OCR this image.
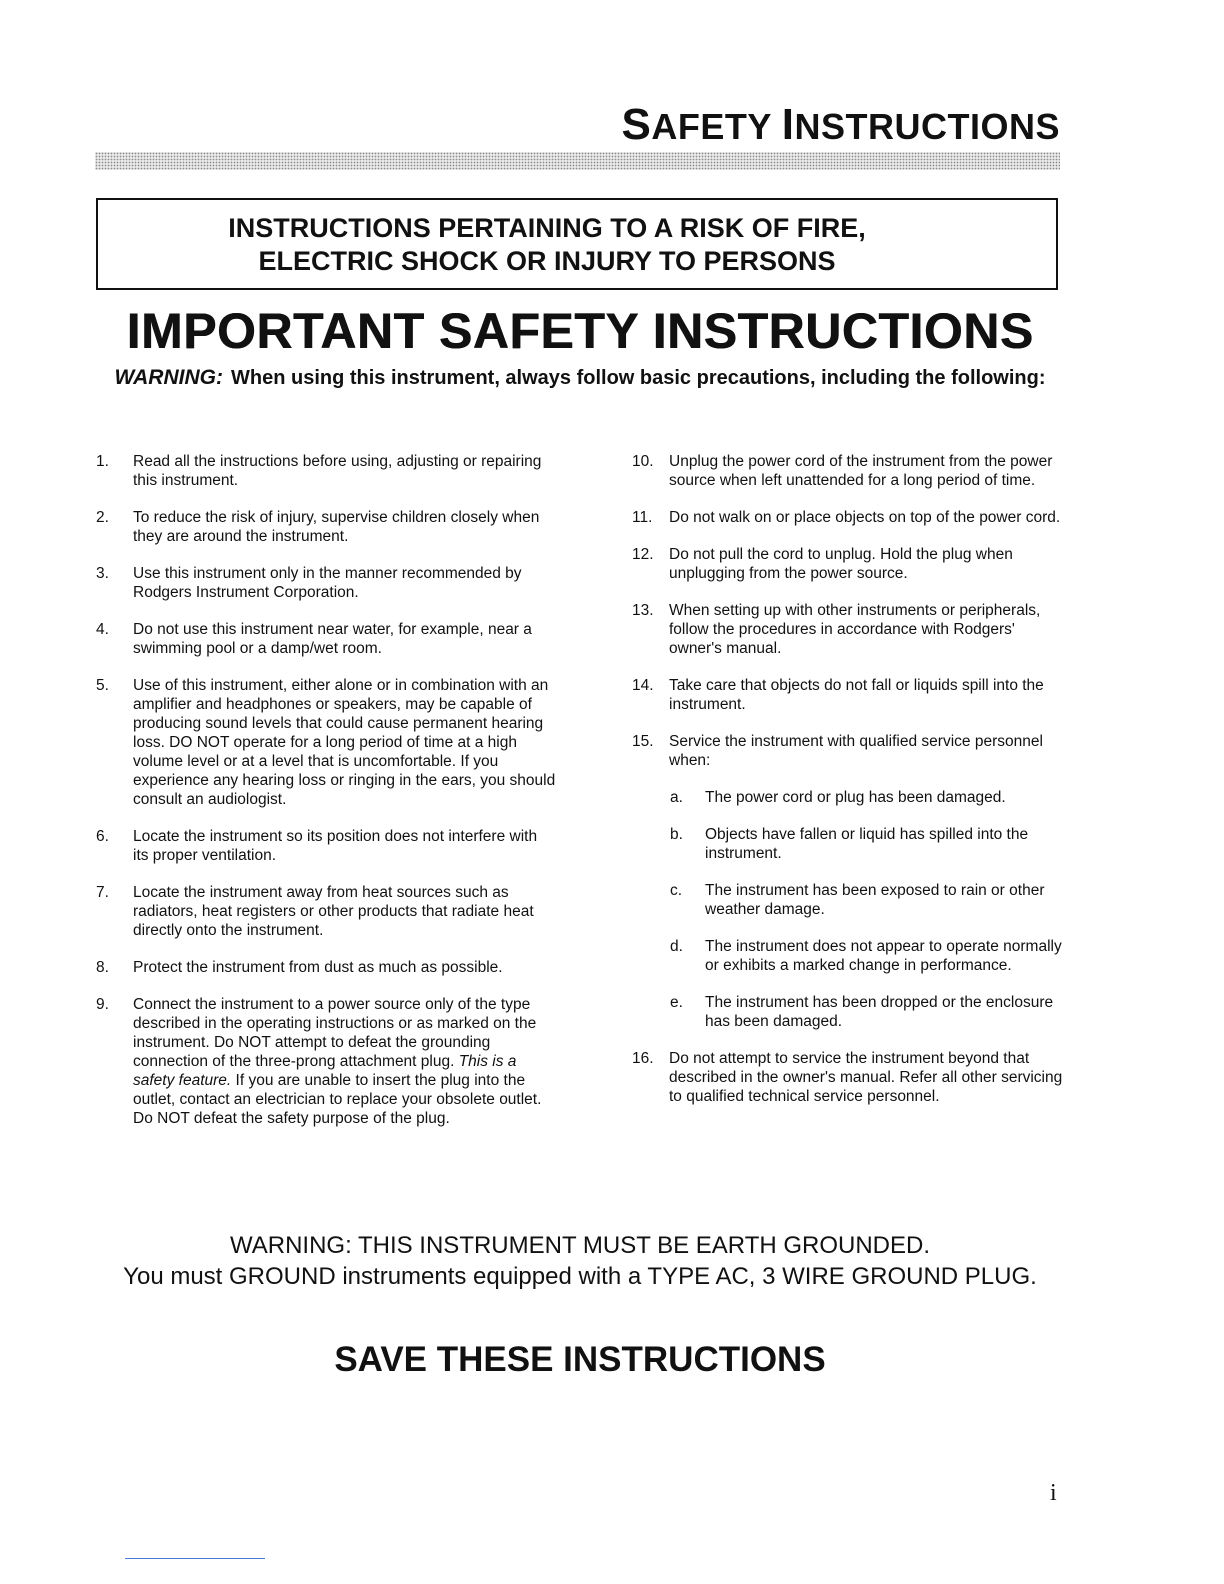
SAFETY INSTRUCTIONS
INSTRUCTIONS PERTAINING TO A RISK OF FIRE,
ELECTRIC SHOCK OR INJURY TO PERSONS
IMPORTANT SAFETY INSTRUCTIONS
WARNING: When using this instrument, always follow basic precautions, including the following:
1.	Read all the instructions before using, adjusting or repairing this instrument.
2.	To reduce the risk of injury, supervise children closely when they are around the instrument.
3.	Use this instrument only in the manner recommended by Rodgers Instrument Corporation.
4.	Do not use this instrument near water, for example, near a swimming pool or a damp/wet room.
5.	Use of this instrument, either alone or in combination with an amplifier and headphones or speakers, may be capable of producing sound levels that could cause permanent hearing loss. DO NOT operate for a long period of time at a high volume level or at a level that is uncomfortable. If you experience any hearing loss or ringing in the ears, you should consult an audiologist.
6.	Locate the instrument so its position does not interfere with its proper ventilation.
7.	Locate the instrument away from heat sources such as radiators, heat registers or other products that radiate heat directly onto the instrument.
8.	Protect the instrument from dust as much as possible.
9.	Connect the instrument to a power source only of the type described in the operating instructions or as marked on the instrument. Do NOT attempt to defeat the grounding connection of the three-prong attachment plug. This is a safety feature. If you are unable to insert the plug into the outlet, contact an electrician to replace your obsolete outlet. Do NOT defeat the safety purpose of the plug.
10. Unplug the power cord of the instrument from the power source when left unattended for a long period of time.
11.	Do not walk on or place objects on top of the power cord.
12. Do not pull the cord to unplug. Hold the plug when unplugging from the power source.
13. When setting up with other instruments or peripherals, follow the procedures in accordance with Rodgers' owner's manual.
14. Take care that objects do not fall or liquids spill into the instrument.
15. Service the instrument with qualified service personnel when:
a. The power cord or plug has been damaged.
b. Objects have fallen or liquid has spilled into the instrument.
c. The instrument has been exposed to rain or other weather damage.
d. The instrument does not appear to operate normally or exhibits a marked change in performance.
e. The instrument has been dropped or the enclosure has been damaged.
16. Do not attempt to service the instrument beyond that described in the owner's manual. Refer all other servicing to qualified technical service personnel.
WARNING: THIS INSTRUMENT MUST BE EARTH GROUNDED.
You must GROUND instruments equipped with a TYPE AC, 3 WIRE GROUND PLUG.
SAVE THESE INSTRUCTIONS
i
